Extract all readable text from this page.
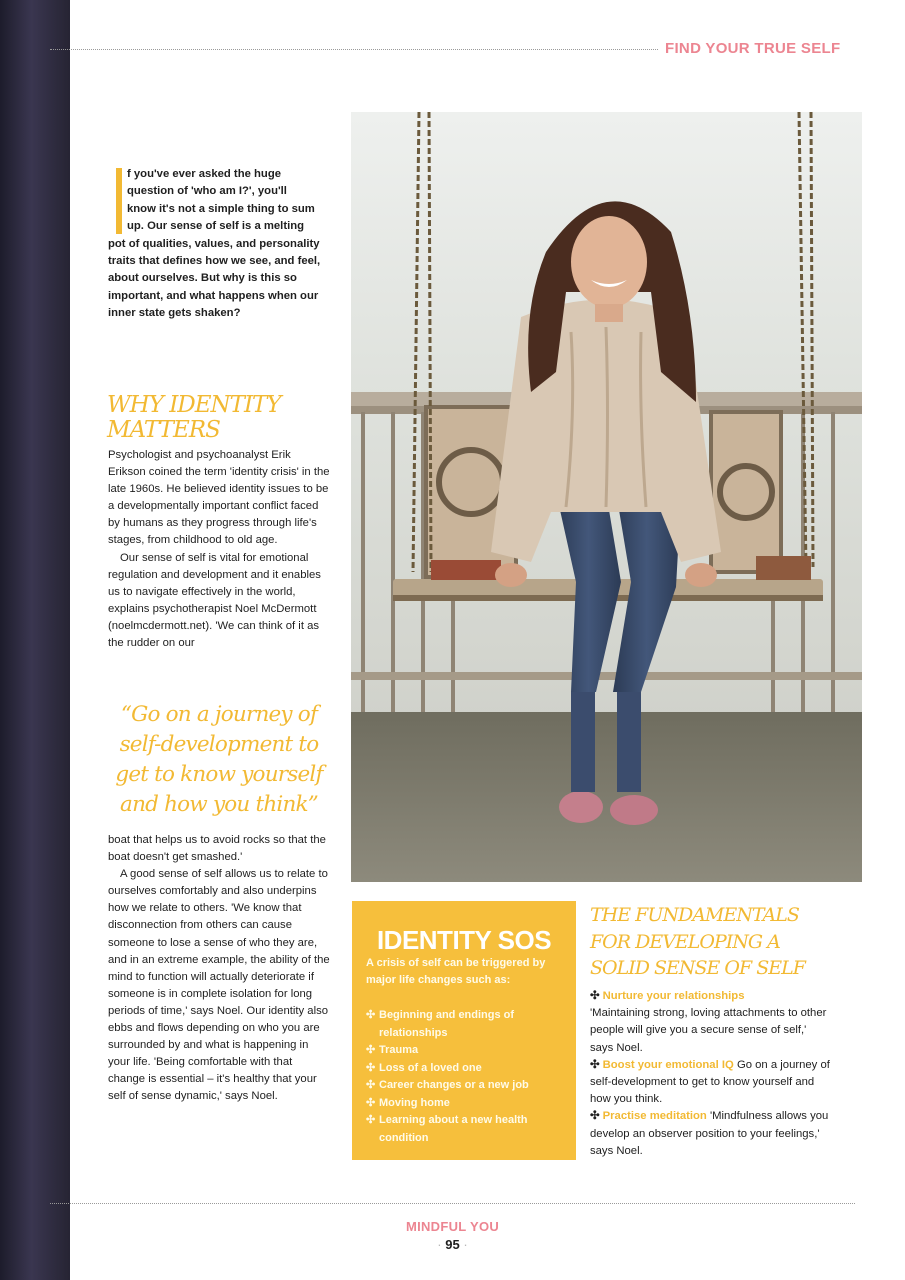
FIND YOUR TRUE SELF
f you've ever asked the huge
question of 'who am I?', you'll
know it's not a simple thing to sum
up. Our sense of self is a melting
pot of qualities, values, and personality traits that defines how we see, and feel, about ourselves. But why is this so important, and what happens when our inner state gets shaken?
WHY IDENTITY MATTERS

Psychologist and psychoanalyst Erik Erikson coined the term 'identity crisis' in the late 1960s. He believed identity issues to be a developmentally important conflict faced by humans as they progress through life's stages, from childhood to old age.

Our sense of self is vital for emotional regulation and development and it enables us to navigate effectively in the world, explains psychotherapist Noel McDermott (noelmcdermott.net). 'We can think of it as the rudder on our

“Go on a journey of self-development to get to know yourself and how you think”

boat that helps us to avoid rocks so that the boat doesn't get smashed.'

A good sense of self allows us to relate to ourselves comfortably and also underpins how we relate to others. 'We know that disconnection from others can cause someone to lose a sense of who they are, and in an extreme example, the ability of the mind to function will actually deteriorate if someone is in complete isolation for long periods of time,' says Noel. Our identity also ebbs and flows depending on who you are surrounded by and what is happening in your life. 'Being comfortable with that change is essential – it's healthy that your self of sense dynamic,' says Noel.

IDENTITY SOS
A crisis of self can be triggered by major life changes such as:
✣ Beginning and endings of relationships
✣ Trauma
✣ Loss of a loved one
✣ Career changes or a new job
✣ Moving home
✣ Learning about a new health condition
THE FUNDAMENTALS FOR DEVELOPING A SOLID SENSE OF SELF

✣ Nurture your relationships
'Maintaining strong, loving attachments to other people will give you a secure sense of self,' says Noel.

✣ Boost your emotional IQ Go on a journey of self-development to get to know yourself and how you think.

✣ Practise meditation 'Mindfulness allows you develop an observer position to your feelings,' says Noel.

MINDFUL YOU
· 95 ·
